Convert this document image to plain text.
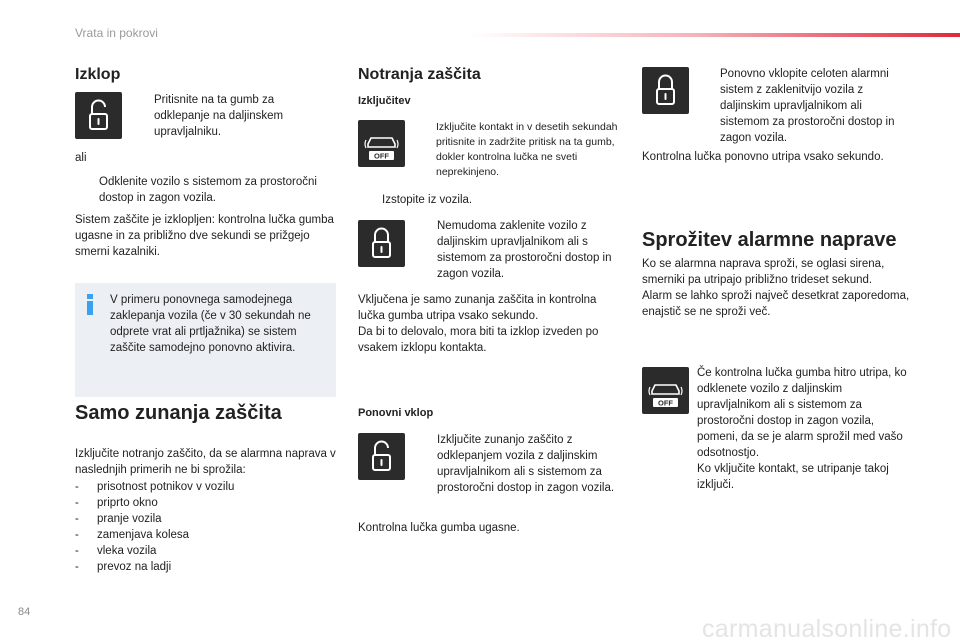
Vrata in pokrovi
Izklop
Pritisnite na ta gumb za odklepanje na daljinskem upravljalniku.
ali
Odklenite vozilo s sistemom za prostoročni dostop in zagon vozila.
Sistem zaščite je izklopljen: kontrolna lučka gumba ugasne in za približno dve sekundi se prižgejo smerni kazalniki.
V primeru ponovnega samodejnega zaklepanja vozila (če v 30 sekundah ne odprete vrat ali prtljažnika) se sistem zaščite samodejno ponovno aktivira.
Samo zunanja zaščita
Izključite notranjo zaščito, da se alarmna naprava v naslednjih primerih ne bi sprožila:
- prisotnost potnikov v vozilu
- priprto okno
- pranje vozila
- zamenjava kolesa
- vleka vozila
- prevoz na ladji
Notranja zaščita
Izključitev
OFF
Izključite kontakt in v desetih sekundah pritisnite in zadržite pritisk na ta gumb, dokler kontrolna lučka ne sveti neprekinjeno.
Izstopite iz vozila.
Nemudoma zaklenite vozilo z daljinskim upravljalnikom ali s sistemom za prostoročni dostop in zagon vozila.
Vključena je samo zunanja zaščita in kontrolna lučka gumba utripa vsako sekundo.
Da bi to delovalo, mora biti ta izklop izveden po vsakem izklopu kontakta.
Ponovni vklop
Izključite zunanjo zaščito z odklepanjem vozila z daljinskim upravljalnikom ali s sistemom za prostoročni dostop in zagon vozila.
Kontrolna lučka gumba ugasne.
Ponovno vklopite celoten alarmni sistem z zaklenitvijo vozila z daljinskim upravljalnikom ali sistemom za prostoročni dostop in zagon vozila.
Kontrolna lučka ponovno utripa vsako sekundo.
Sprožitev alarmne naprave
Ko se alarmna naprava sproži, se oglasi sirena, smerniki pa utripajo približno trideset sekund.
Alarm se lahko sproži največ desetkrat zaporedoma, enajstič se ne sproži več.
OFF
Če kontrolna lučka gumba hitro utripa, ko odklenete vozilo z daljinskim upravljalnikom ali s sistemom za prostoročni dostop in zagon vozila, pomeni, da se je alarm sprožil med vašo odsotnostjo.
Ko vključite kontakt, se utripanje takoj izključi.
84
carmanualsonline.info
